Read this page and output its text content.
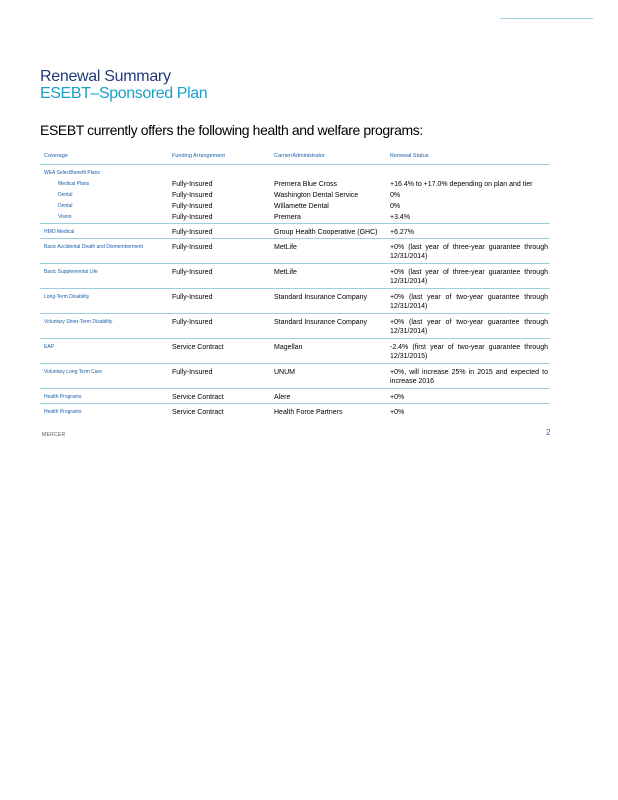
Renewal Summary
ESEBT–Sponsored Plan
ESEBT currently offers the following health and welfare programs:
Coverage	Funding Arrangement	Carrier/Administrator	Renewal Status
WEA SelectBenefit Plans
Medical Plans	Fully-Insured	Premera Blue Cross	+16.4% to +17.0% depending on plan and tier
Dental	Fully-Insured	Washington Dental Service	0%
Dental	Fully-Insured	Willamette Dental	0%
Vision	Fully-Insured	Premera	+3.4%
HMO Medical	Fully-Insured	Group Health Cooperative (GHC)	+6.27%
Basic Accidental Death and Dismemberment	Fully-Insured	MetLife	+0% (last year of three-year guarantee through 12/31/2014)
Basic Supplemental Life	Fully-Insured	MetLife	+0% (last year of three-year guarantee through 12/31/2014)
Long-Term Disability	Fully-Insured	Standard Insurance Company	+0% (last year of two-year guarantee through 12/31/2014)
Voluntary Short-Term Disability	Fully-Insured	Standard Insurance Company	+0% (last year of two-year guarantee through 12/31/2014)
EAP	Service Contract	Magellan	-2.4% (first year of two-year guarantee through 12/31/2015)
Voluntary Long Term Care	Fully-Insured	UNUM	+0%, will increase 25% in 2015 and expected to increase 2016
Health Programs	Service Contract	Alere	+0%
Health Programs	Service Contract	Health Force Partners	+0%
MERCER	2
